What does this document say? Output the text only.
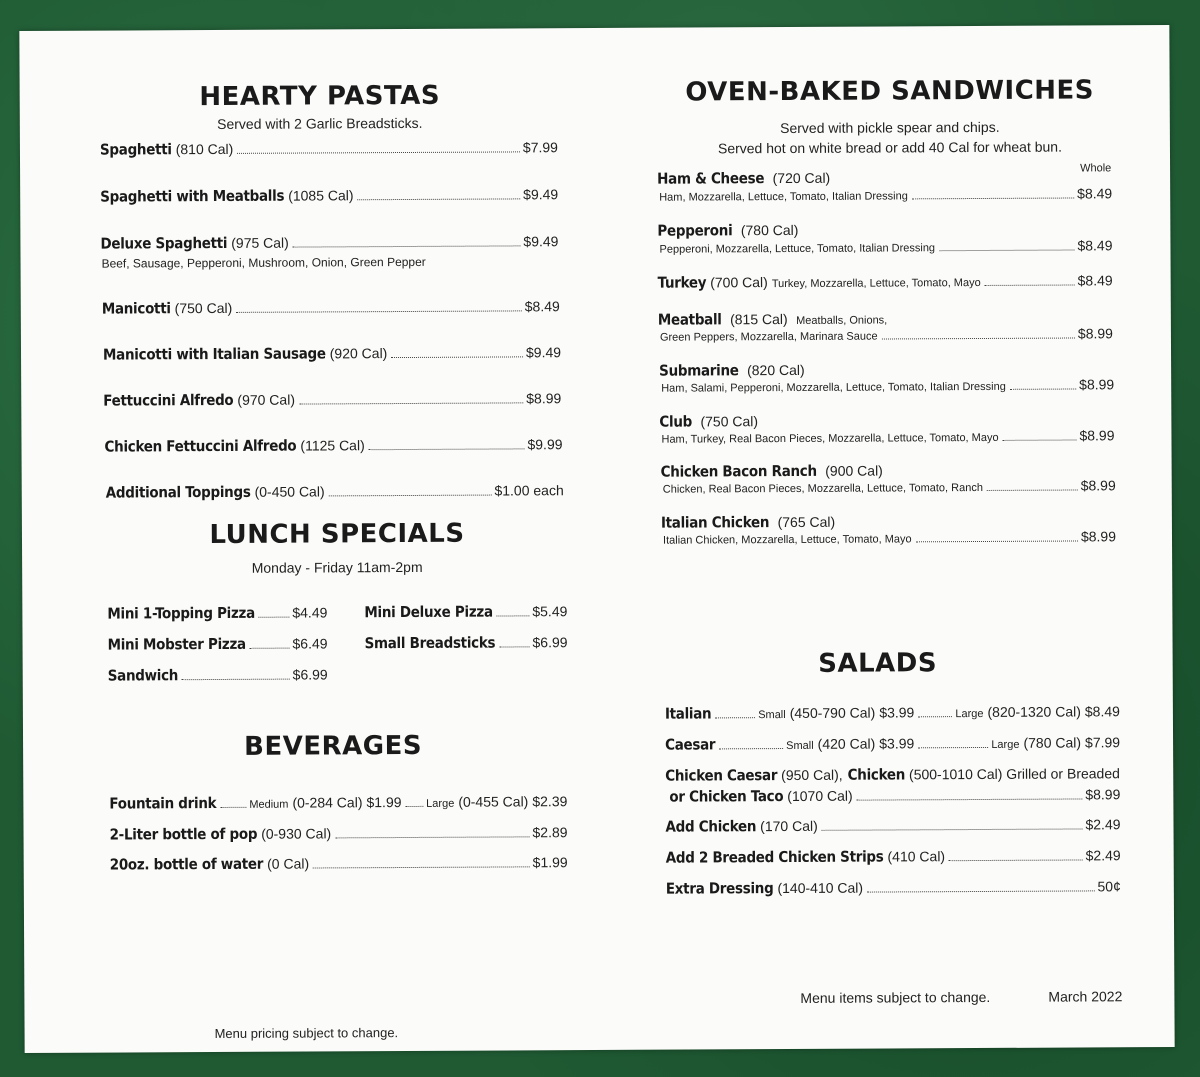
HEARTY PASTAS
Served with 2 Garlic Breadsticks.
Spaghetti (810 Cal)	$7.99
Spaghetti with Meatballs (1085 Cal)	$9.49
Deluxe Spaghetti (975 Cal)	$9.49
Beef, Sausage, Pepperoni, Mushroom, Onion, Green Pepper
Manicotti (750 Cal)	$8.49
Manicotti with Italian Sausage (920 Cal)	$9.49
Fettuccini Alfredo (970 Cal)	$8.99
Chicken Fettuccini Alfredo (1125 Cal)	$9.99
Additional Toppings (0-450 Cal)	$1.00 each
LUNCH SPECIALS
Monday - Friday 11am-2pm
Mini 1-Topping Pizza	$4.49 Mini Deluxe Pizza	$5.49
Mini Mobster Pizza	$6.49 Small Breadsticks	$6.99
Sandwich	$6.99
BEVERAGES
Fountain drink	Medium (0-284 Cal) $1.99 Large (0-455 Cal) $2.39
2-Liter bottle of pop (0-930 Cal)	$2.89
20oz. bottle of water (0 Cal)	$1.99
Menu pricing subject to change.
OVEN-BAKED SANDWICHES
Served with pickle spear and chips.
Served hot on white bread or add 40 Cal for wheat bun.
Whole
Ham & Cheese (720 Cal)
Ham, Mozzarella, Lettuce, Tomato, Italian Dressing	$8.49
Pepperoni (780 Cal)
Pepperoni, Mozzarella, Lettuce, Tomato, Italian Dressing	$8.49
Turkey (700 Cal) Turkey, Mozzarella, Lettuce, Tomato, Mayo	$8.49
Meatball (815 Cal) Meatballs, Onions,
Green Peppers, Mozzarella, Marinara Sauce	$8.99
Submarine (820 Cal)
Ham, Salami, Pepperoni, Mozzarella, Lettuce, Tomato, Italian Dressing	$8.99
Club (750 Cal)
Ham, Turkey, Real Bacon Pieces, Mozzarella, Lettuce, Tomato, Mayo	$8.99
Chicken Bacon Ranch (900 Cal)
Chicken, Real Bacon Pieces, Mozzarella, Lettuce, Tomato, Ranch	$8.99
Italian Chicken (765 Cal)
Italian Chicken, Mozzarella, Lettuce, Tomato, Mayo	$8.99
SALADS
Italian	Small (450-790 Cal) $3.99	Large (820-1320 Cal) $8.49
Caesar	Small (420 Cal) $3.99	Large (780 Cal) $7.99
Chicken Caesar (950 Cal), Chicken (500-1010 Cal) Grilled or Breaded
or Chicken Taco (1070 Cal)	$8.99
Add Chicken (170 Cal)	$2.49
Add 2 Breaded Chicken Strips (410 Cal)	$2.49
Extra Dressing (140-410 Cal)	50¢
Menu items subject to change.	March 2022
